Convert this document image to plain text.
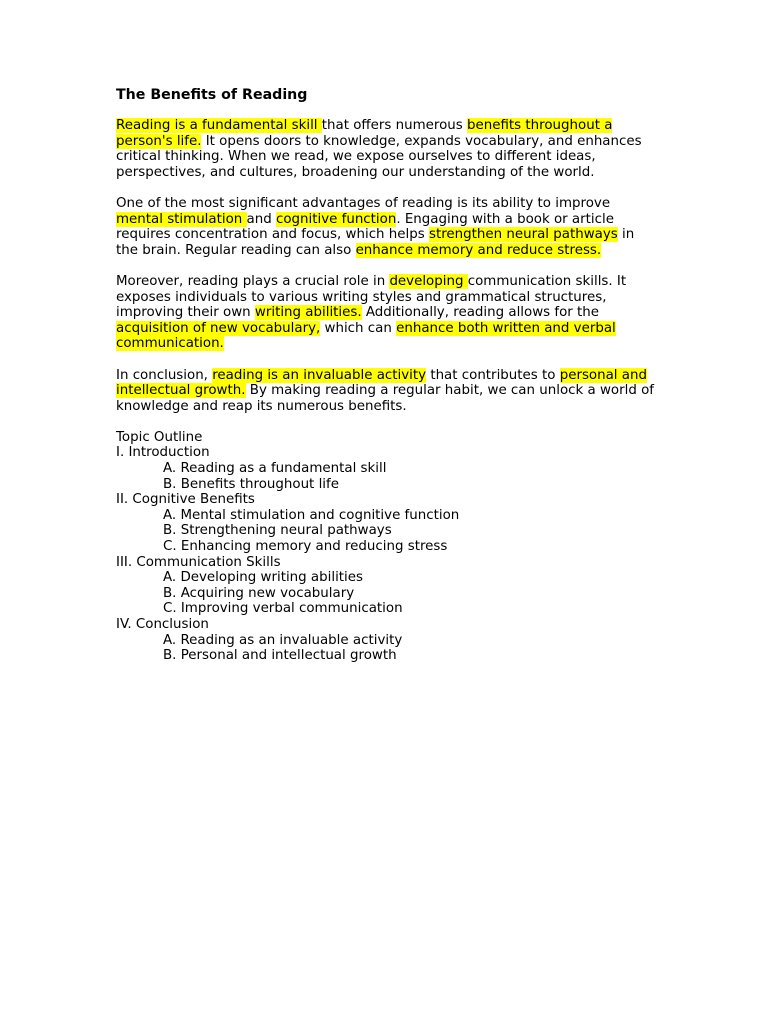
The Benefits of Reading
Reading is a fundamental skill that offers numerous benefits throughout a person's life. It opens doors to knowledge, expands vocabulary, and enhances critical thinking. When we read, we expose ourselves to different ideas, perspectives, and cultures, broadening our understanding of the world.
One of the most significant advantages of reading is its ability to improve mental stimulation and cognitive function. Engaging with a book or article requires concentration and focus, which helps strengthen neural pathways in the brain. Regular reading can also enhance memory and reduce stress.
Moreover, reading plays a crucial role in developing communication skills. It exposes individuals to various writing styles and grammatical structures, improving their own writing abilities. Additionally, reading allows for the acquisition of new vocabulary, which can enhance both written and verbal communication.
In conclusion, reading is an invaluable activity that contributes to personal and intellectual growth. By making reading a regular habit, we can unlock a world of knowledge and reap its numerous benefits.
Topic Outline
I. Introduction
A. Reading as a fundamental skill
B. Benefits throughout life
II. Cognitive Benefits
A. Mental stimulation and cognitive function
B. Strengthening neural pathways
C. Enhancing memory and reducing stress
III. Communication Skills
A. Developing writing abilities
B. Acquiring new vocabulary
C. Improving verbal communication
IV. Conclusion
A. Reading as an invaluable activity
B. Personal and intellectual growth
